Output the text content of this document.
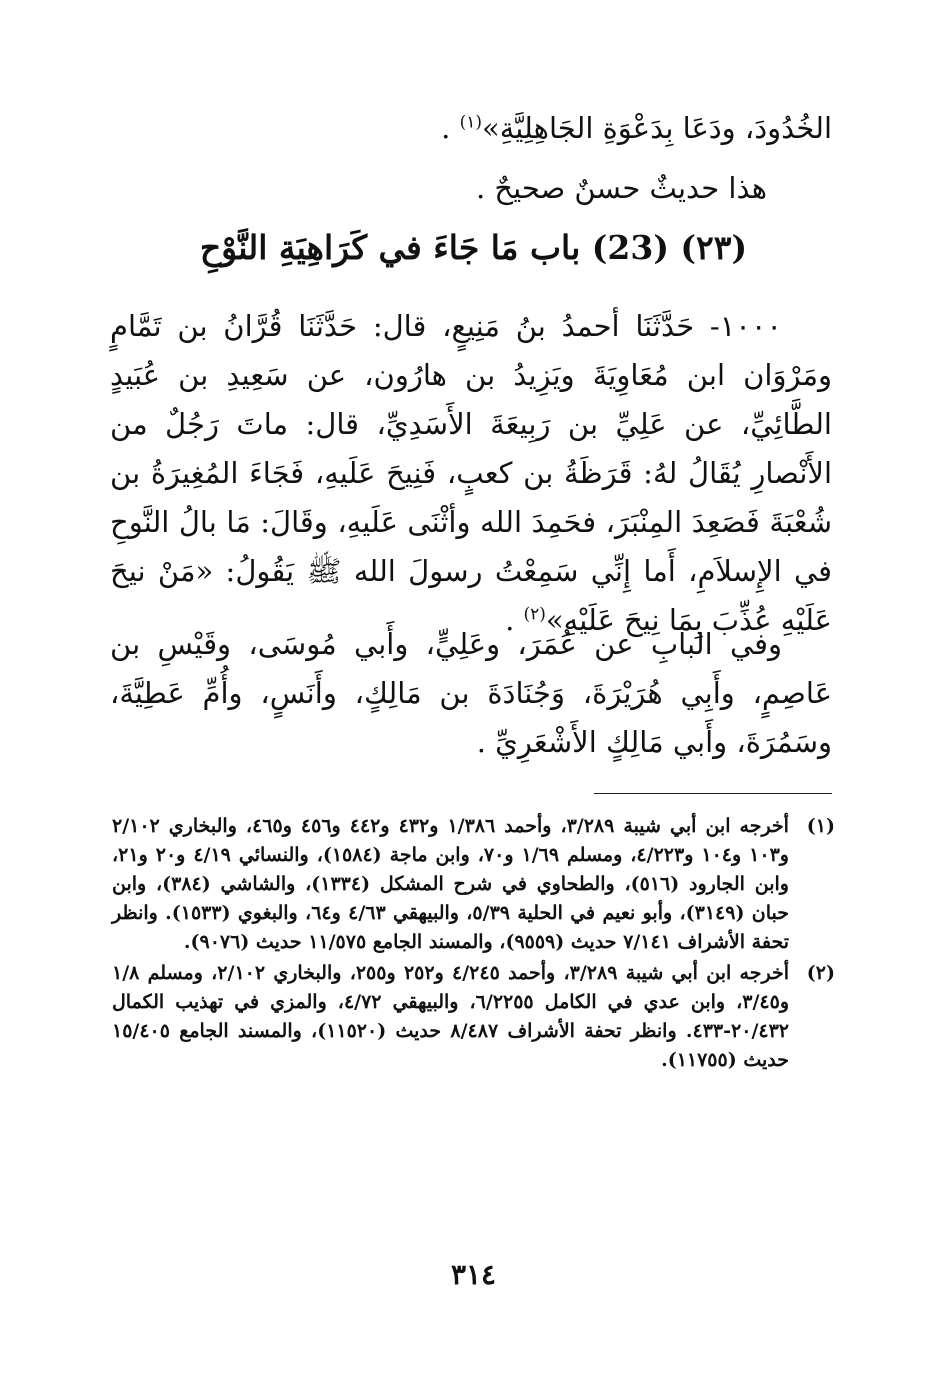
الخُدُودَ، ودَعَا بِدَعْوَةِ الجَاهِلِيَّةِ»$^{(١)}$ .
هذا حديثٌ حسنٌ صحيحٌ .
(٢٣) (23) باب مَا جَاءَ في كَرَاهِيَةِ النَّوْحِ
١٠٠٠- حَدَّثَنَا أحمدُ بنُ مَنِيعٍ، قال: حَدَّثَنَا قُرَّانُ بن تَمَّامٍ ومَرْوَان ابن مُعَاوِيَةَ ويَزِيدُ بن هارُون، عن سَعِيدِ بن عُبَيدٍ الطَّائِيِّ، عن عَلِيِّ بن رَبِيعَةَ الأَسَدِيِّ، قال: ماتَ رَجُلٌ من الأَنْصارِ يُقَالُ لهُ: قَرَظَةُ بن كعبٍ، فَنِيحَ عَلَيهِ، فَجَاءَ المُغِيرَةُ بن شُعْبَةَ فَصَعِدَ المِنْبَرَ، فحَمِدَ الله وأثْنَى عَلَيهِ، وقَالَ: مَا بالُ النَّوحِ في الإِسلاَمِ، أَما إِنِّي سَمِعْتُ رسولَ الله ﷺ يَقُولُ: «مَنْ نيحَ عَلَيْهِ عُذِّبَ بِمَا نِيحَ عَلَيْهِ»$^{(٢)}$ .
وفي البابِ عن عُمَرَ، وعَلِيٍّ، وأَبي مُوسَى، وقَيْسِ بن عَاصِمٍ، وأَبِي هُرَيْرَةَ، وَجُنَادَةَ بن مَالِكٍ، وأَنَسٍ، وأُمِّ عَطِيَّةَ، وسَمُرَةَ، وأَبي مَالِكٍ الأَشْعَرِيِّ .
(١)
أخرجه ابن أبي شيبة ٣/٢٨٩، وأحمد ١/٣٨٦ و٤٣٢ و٤٤٢ و٤٥٦ و٤٦٥، والبخاري ٢/١٠٢ و١٠٣ و١٠٤ و٤/٢٢٣، ومسلم ١/٦٩ و٧٠، وابن ماجة (١٥٨٤)، والنسائي ٤/١٩ و٢٠ و٢١، وابن الجارود (٥١٦)، والطحاوي في شرح المشكل (١٣٣٤)، والشاشي (٣٨٤)، وابن حبان (٣١٤٩)، وأبو نعيم في الحلية ٥/٣٩، والبيهقي ٤/٦٣ و٦٤، والبغوي (١٥٣٣). وانظر تحفة الأشراف ٧/١٤١ حديث (٩٥٥٩)، والمسند الجامع ١١/٥٧٥ حديث (٩٠٧٦).
(٢)
أخرجه ابن أبي شيبة ٣/٢٨٩، وأحمد ٤/٢٤٥ و٢٥٢ و٢٥٥، والبخاري ٢/١٠٢، ومسلم ١/٨ و٣/٤٥، وابن عدي في الكامل ٦/٢٢٥٥، والبيهقي ٤/٧٢، والمزي في تهذيب الكمال ٢٠/٤٣٢-٤٣٣. وانظر تحفة الأشراف ٨/٤٨٧ حديث (١١٥٢٠)، والمسند الجامع ١٥/٤٠٥ حديث (١١٧٥٥).
٣١٤
